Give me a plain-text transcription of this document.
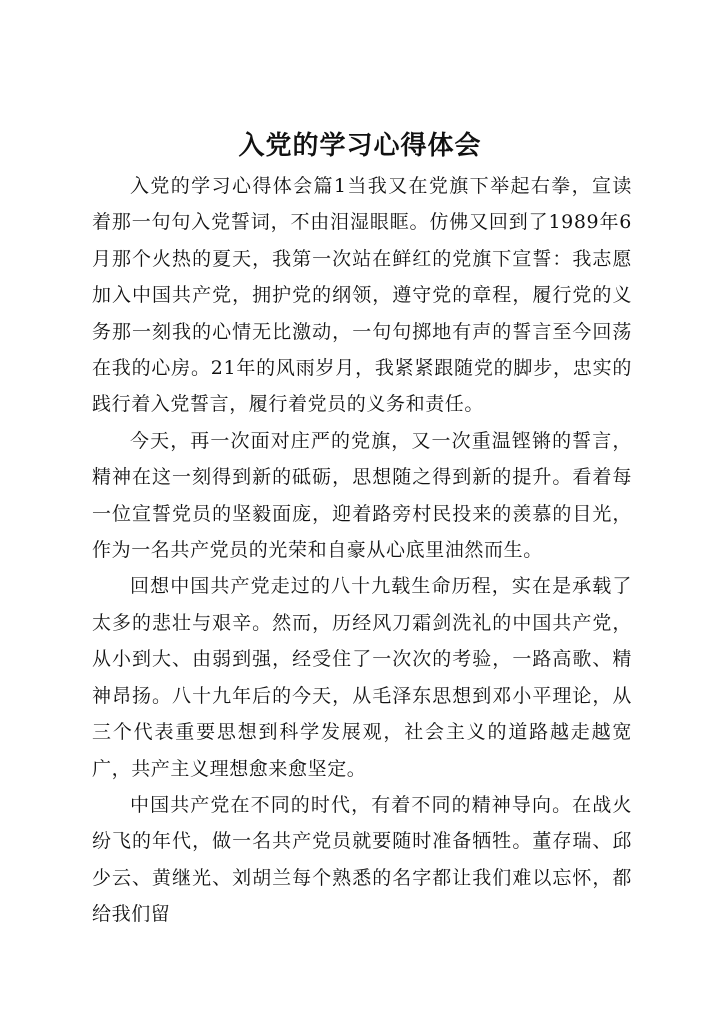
入党的学习心得体会

入党的学习心得体会篇1当我又在党旗下举起右拳，宣读着那一句句入党誓词，不由泪湿眼眶。仿佛又回到了1989年6月那个火热的夏天，我第一次站在鲜红的党旗下宣誓：我志愿加入中国共产党，拥护党的纲领，遵守党的章程，履行党的义务那一刻我的心情无比激动，一句句掷地有声的誓言至今回荡在我的心房。21年的风雨岁月，我紧紧跟随党的脚步，忠实的践行着入党誓言，履行着党员的义务和责任。

今天，再一次面对庄严的党旗，又一次重温铿锵的誓言，精神在这一刻得到新的砥砺，思想随之得到新的提升。看着每一位宣誓党员的坚毅面庞，迎着路旁村民投来的羡慕的目光，作为一名共产党员的光荣和自豪从心底里油然而生。

回想中国共产党走过的八十九载生命历程，实在是承载了太多的悲壮与艰辛。然而，历经风刀霜剑洗礼的中国共产党，从小到大、由弱到强，经受住了一次次的考验，一路高歌、精神昂扬。八十九年后的今天，从毛泽东思想到邓小平理论，从三个代表重要思想到科学发展观，社会主义的道路越走越宽广，共产主义理想愈来愈坚定。

中国共产党在不同的时代，有着不同的精神导向。在战火纷飞的年代，做一名共产党员就要随时准备牺牲。董存瑞、邱少云、黄继光、刘胡兰每个熟悉的名字都让我们难以忘怀，都给我们留
